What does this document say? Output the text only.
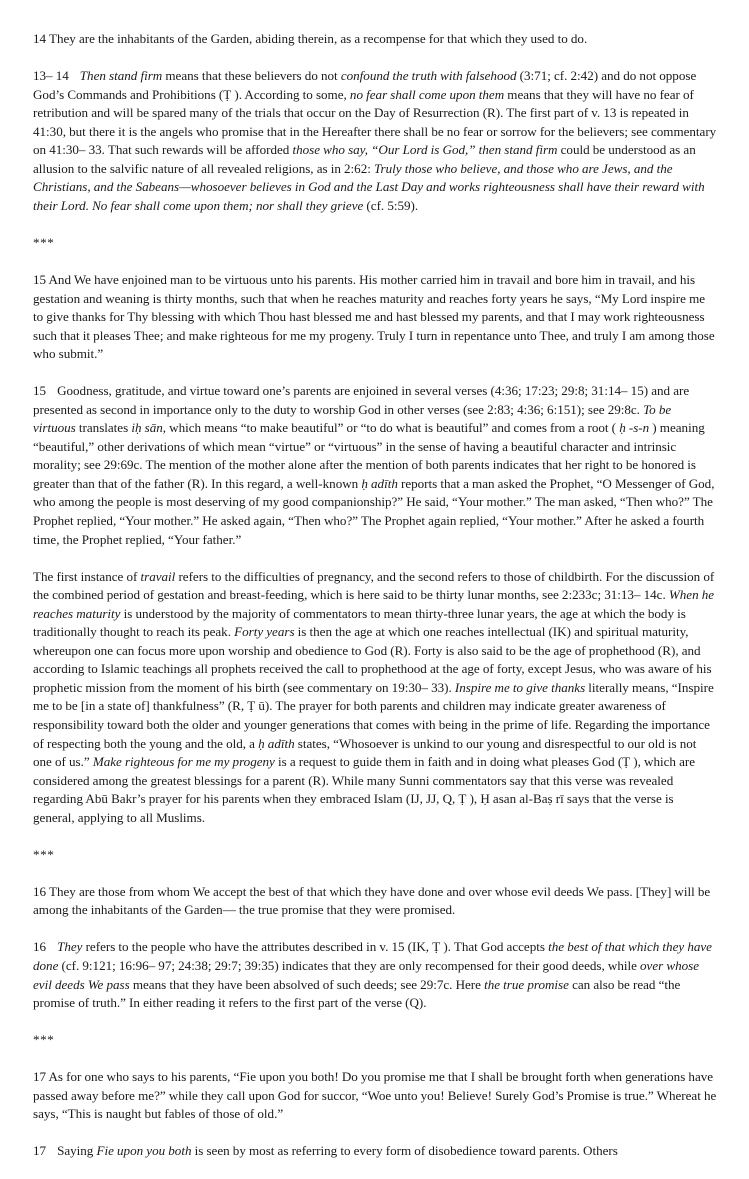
14 They are the inhabitants of the Garden, abiding therein, as a recompense for that which they used to do.

13– 14 Then stand firm means that these believers do not confound the truth with falsehood (3:71; cf. 2:42) and do not oppose God’s Commands and Prohibitions (Ṭ ). According to some, no fear shall come upon them means that they will have no fear of retribution and will be spared many of the trials that occur on the Day of Resurrection (R). The first part of v. 13 is repeated in 41:30, but there it is the angels who promise that in the Hereafter there shall be no fear or sorrow for the believers; see commentary on 41:30– 33. That such rewards will be afforded those who say, “Our Lord is God,” then stand firm could be understood as an allusion to the salvific nature of all revealed religions, as in 2:62: Truly those who believe, and those who are Jews, and the Christians, and the Sabeans—whosoever believes in God and the Last Day and works righteousness shall have their reward with their Lord. No fear shall come upon them; nor shall they grieve (cf. 5:59).

***

15 And We have enjoined man to be virtuous unto his parents. His mother carried him in travail and bore him in travail, and his gestation and weaning is thirty months, such that when he reaches maturity and reaches forty years he says, “My Lord inspire me to give thanks for Thy blessing with which Thou hast blessed me and hast blessed my parents, and that I may work righteousness such that it pleases Thee; and make righteous for me my progeny. Truly I turn in repentance unto Thee, and truly I am among those who submit.”

15 Goodness, gratitude, and virtue toward one’s parents are enjoined in several verses (4:36; 17:23; 29:8; 31:14– 15) and are presented as second in importance only to the duty to worship God in other verses (see 2:83; 4:36; 6:151); see 29:8c. To be virtuous translates iḥ sān, which means “to make beautiful” or “to do what is beautiful” and comes from a root ( ḥ -s-n ) meaning “beautiful,” other derivations of which mean “virtue” or “virtuous” in the sense of having a beautiful character and intrinsic morality; see 29:69c. The mention of the mother alone after the mention of both parents indicates that her right to be honored is greater than that of the father (R). In this regard, a well-known ḥ adīth reports that a man asked the Prophet, “O Messenger of God, who among the people is most deserving of my good companionship?” He said, “Your mother.” The man asked, “Then who?” The Prophet replied, “Your mother.” He asked again, “Then who?” The Prophet again replied, “Your mother.” After he asked a fourth time, the Prophet replied, “Your father.”

The first instance of travail refers to the difficulties of pregnancy, and the second refers to those of childbirth. For the discussion of the combined period of gestation and breast-feeding, which is here said to be thirty lunar months, see 2:233c; 31:13– 14c. When he reaches maturity is understood by the majority of commentators to mean thirty-three lunar years, the age at which the body is traditionally thought to reach its peak. Forty years is then the age at which one reaches intellectual (IK) and spiritual maturity, whereupon one can focus more upon worship and obedience to God (R). Forty is also said to be the age of prophethood (R), and according to Islamic teachings all prophets received the call to prophethood at the age of forty, except Jesus, who was aware of his prophetic mission from the moment of his birth (see commentary on 19:30– 33). Inspire me to give thanks literally means, “Inspire me to be [in a state of] thankfulness” (R, Ṭ ū). The prayer for both parents and children may indicate greater awareness of responsibility toward both the older and younger generations that comes with being in the prime of life. Regarding the importance of respecting both the young and the old, a ḥ adīth states, “Whosoever is unkind to our young and disrespectful to our old is not one of us.” Make righteous for me my progeny is a request to guide them in faith and in doing what pleases God (Ṭ ), which are considered among the greatest blessings for a parent (R). While many Sunni commentators say that this verse was revealed regarding Abū Bakr’s prayer for his parents when they embraced Islam (IJ, JJ, Q, Ṭ ), Ḥ asan al-Baṣ rī says that the verse is general, applying to all Muslims.

***

16 They are those from whom We accept the best of that which they have done and over whose evil deeds We pass. [They] will be among the inhabitants of the Garden— the true promise that they were promised.

16 They refers to the people who have the attributes described in v. 15 (IK, Ṭ ). That God accepts the best of that which they have done (cf. 9:121; 16:96– 97; 24:38; 29:7; 39:35) indicates that they are only recompensed for their good deeds, while over whose evil deeds We pass means that they have been absolved of such deeds; see 29:7c. Here the true promise can also be read “the promise of truth.” In either reading it refers to the first part of the verse (Q).

***

17 As for one who says to his parents, “Fie upon you both! Do you promise me that I shall be brought forth when generations have passed away before me?” while they call upon God for succor, “Woe unto you! Believe! Surely God’s Promise is true.” Whereat he says, “This is naught but fables of those of old.”

17 Saying Fie upon you both is seen by most as referring to every form of disobedience toward parents. Others
